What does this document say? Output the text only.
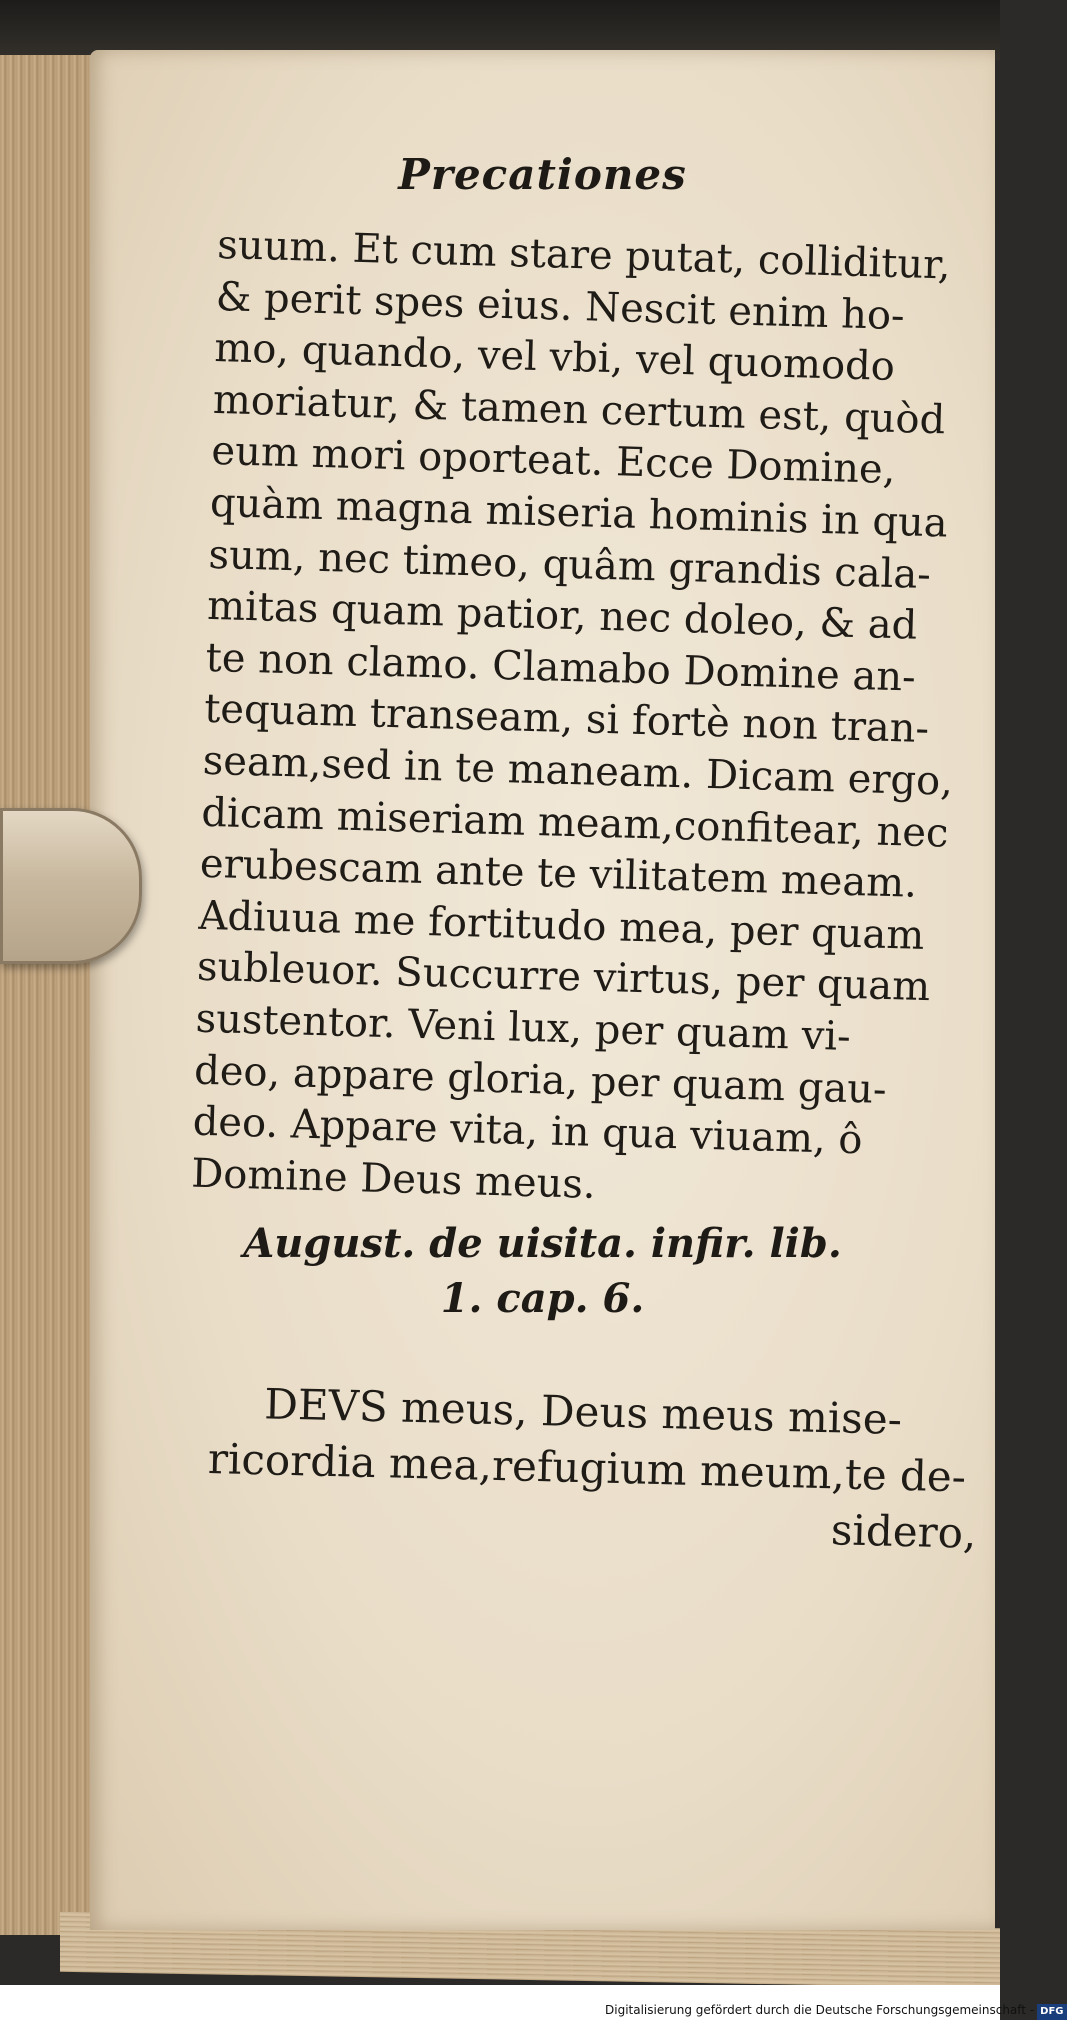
Precationes
suum. Et cum stare putat, colliditur,
& perit spes eius. Nescit enim ho-
mo, quando, vel vbi, vel quomodo
moriatur, & tamen certum est, quòd
eum mori oporteat. Ecce Domine,
quàm magna miseria hominis in qua
sum, nec timeo, quâm grandis cala-
mitas quam patior, nec doleo, & ad
te non clamo. Clamabo Domine an-
tequam transeam, si fortè non tran-
seam,sed in te maneam. Dicam ergo,
dicam miseriam meam,confitear, nec
erubescam ante te vilitatem meam.
Adiuua me fortitudo mea, per quam
subleuor. Succurre virtus, per quam
sustentor. Veni lux, per quam vi-
deo, appare gloria, per quam gau-
deo. Appare vita, in qua viuam, ô
Domine Deus meus.
August. de uisita. infir. lib.
1. cap. 6.
DEVS meus, Deus meus mise-
ricordia mea,refugium meum,te de-
sidero,
Digitalisierung gefördert durch die Deutsche Forschungsgemeinschaft - DFG
